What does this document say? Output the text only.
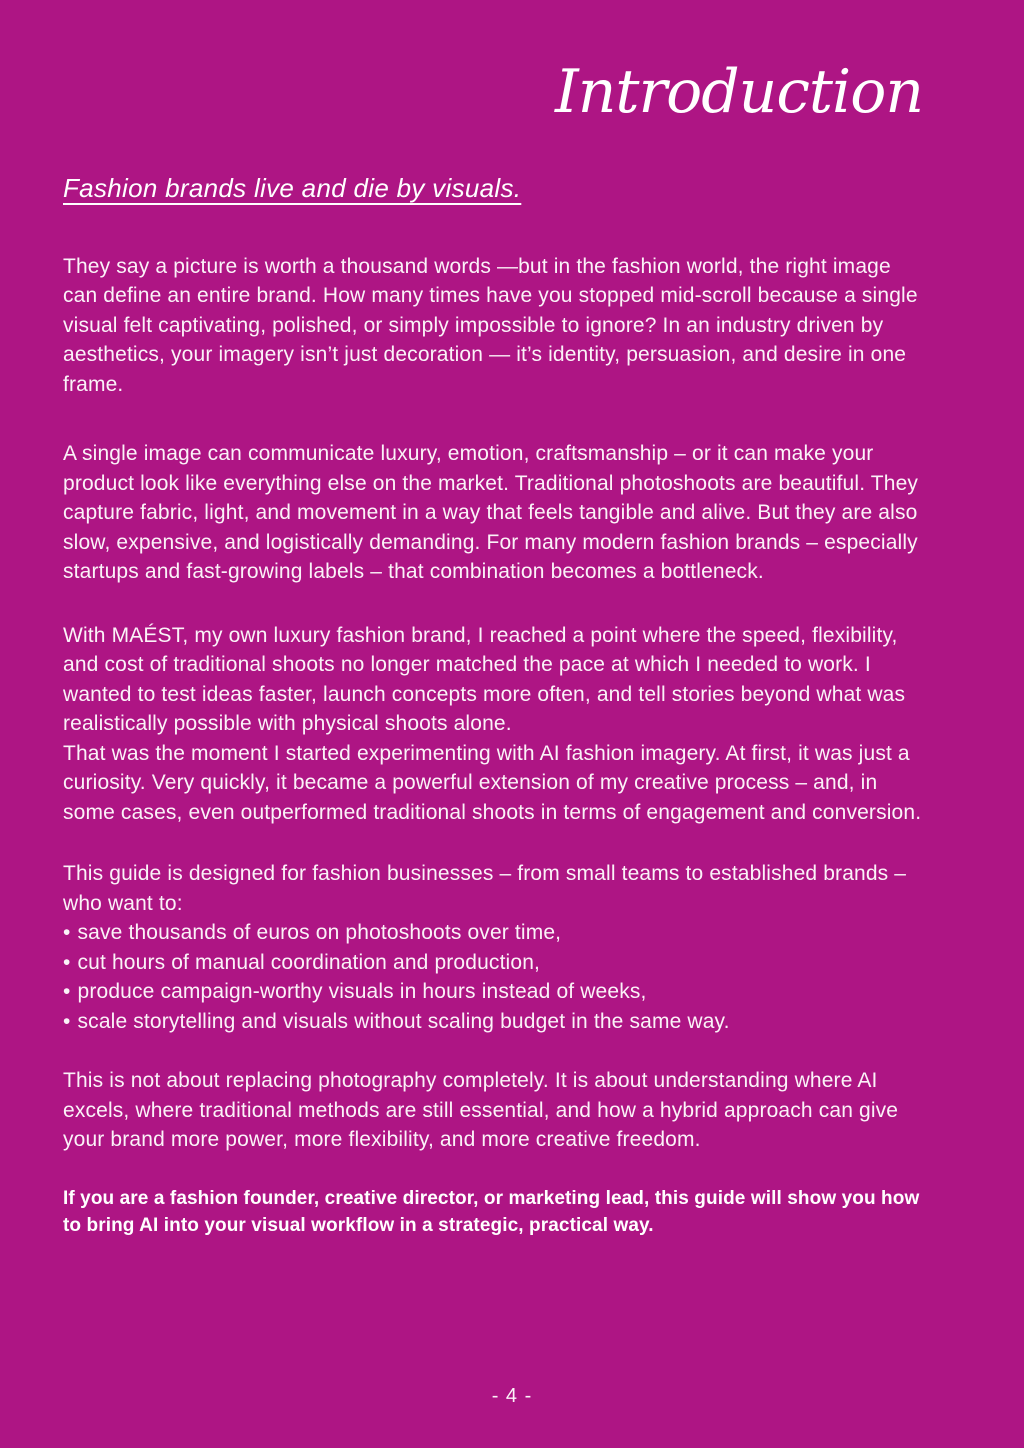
Introduction
Fashion brands live and die by visuals.

They say a picture is worth a thousand words —but in the fashion world, the right image can define an entire brand. How many times have you stopped mid-scroll because a single visual felt captivating, polished, or simply impossible to ignore? In an industry driven by aesthetics, your imagery isn’t just decoration — it’s identity, persuasion, and desire in one frame.

A single image can communicate luxury, emotion, craftsmanship – or it can make your product look like everything else on the market. Traditional photoshoots are beautiful. They capture fabric, light, and movement in a way that feels tangible and alive. But they are also slow, expensive, and logistically demanding. For many modern fashion brands – especially startups and fast-growing labels – that combination becomes a bottleneck.

With MAÉST, my own luxury fashion brand, I reached a point where the speed, flexibility, and cost of traditional shoots no longer matched the pace at which I needed to work. I wanted to test ideas faster, launch concepts more often, and tell stories beyond what was realistically possible with physical shoots alone.
That was the moment I started experimenting with AI fashion imagery. At first, it was just a curiosity. Very quickly, it became a powerful extension of my creative process – and, in some cases, even outperformed traditional shoots in terms of engagement and conversion.

This guide is designed for fashion businesses – from small teams to established brands – who want to:
• save thousands of euros on photoshoots over time,
• cut hours of manual coordination and production,
• produce campaign-worthy visuals in hours instead of weeks,
• scale storytelling and visuals without scaling budget in the same way.

This is not about replacing photography completely. It is about understanding where AI excels, where traditional methods are still essential, and how a hybrid approach can give your brand more power, more flexibility, and more creative freedom.

If you are a fashion founder, creative director, or marketing lead, this guide will show you how to bring AI into your visual workflow in a strategic, practical way.

- 4 -
